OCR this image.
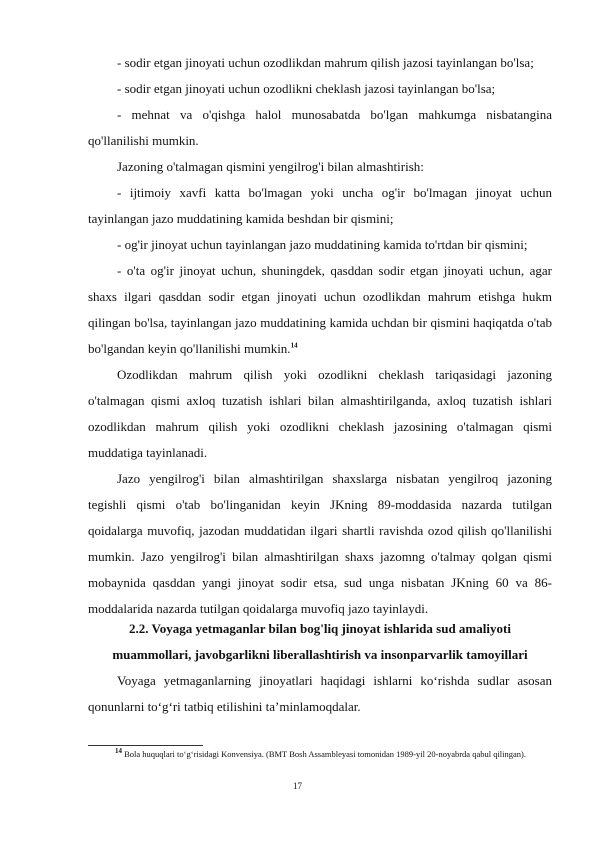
- sodir etgan jinoyati uchun ozodlikdan mahrum qilish jazosi tayinlangan bo'lsa;

- sodir etgan jinoyati uchun ozodlikni cheklash jazosi tayinlangan bo'lsa;

- mehnat va o'qishga halol munosabatda bo'lgan mahkumga nisbatangina qo'llanilishi mumkin.

Jazoning o'talmagan qismini yengilrog'i bilan almashtirish:

- ijtimoiy xavfi katta bo'lmagan yoki uncha og'ir bo'lmagan jinoyat uchun tayinlangan jazo muddatining kamida beshdan bir qismini;

- og'ir jinoyat uchun tayinlangan jazo muddatining kamida to'rtdan bir qismini;

- o'ta og'ir jinoyat uchun, shuningdek, qasddan sodir etgan jinoyati uchun, agar shaxs ilgari qasddan sodir etgan jinoyati uchun ozodlikdan mahrum etishga hukm qilingan bo'lsa, tayinlangan jazo muddatining kamida uchdan bir qismini haqiqatda o'tab bo'lgandan keyin qo'llanilishi mumkin.$^{14}$

Ozodlikdan mahrum qilish yoki ozodlikni cheklash tariqasidagi jazoning o'talmagan qismi axloq tuzatish ishlari bilan almashtirilganda, axloq tuzatish ishlari ozodlikdan mahrum qilish yoki ozodlikni cheklash jazosining o'talmagan qismi muddatiga tayinlanadi.

Jazo yengilrog'i bilan almashtirilgan shaxslarga nisbatan yengilroq jazoning tegishli qismi o'tab bo'linganidan keyin JKning 89-moddasida nazarda tutilgan qoidalarga muvofiq, jazodan muddatidan ilgari shartli ravishda ozod qilish qo'llanilishi mumkin. Jazo yengilrog'i bilan almashtirilgan shaxs jazomng o'talmay qolgan qismi mobaynida qasddan yangi jinoyat sodir etsa, sud unga nisbatan JKning 60 va 86-moddalarida nazarda tutilgan qoidalarga muvofiq jazo tayinlaydi.

2.2. Voyaga yetmaganlar bilan bog'liq jinoyat ishlarida sud amaliyoti

muammollari, javobgarlikni liberallashtirish va insonparvarlik tamoyillari

Voyaga yetmaganlarning jinoyatlari haqidagi ishlarni ko‘rishda sudlar asosan qonunlarni to‘g‘ri tatbiq etilishini ta’minlamoqdalar.

$^{14}$ Bola huquqlari to‘g‘risidagi Konvensiya. (BMT Bosh Assambleyasi tomonidan 1989-yil 20-noyabrda qabul qilingan).

17
